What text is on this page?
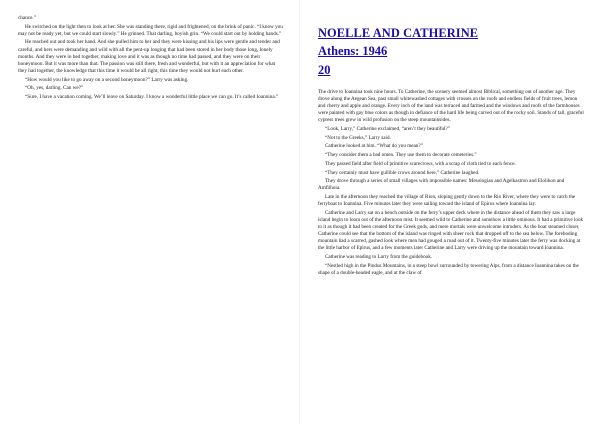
chance.”

He switched on the light then to look at her. She was standing there, rigid and frightened, on the brink of panic. “I know you may not be ready yet, but we could start slowly.” He grinned. That darling, boyish grin. “We could start out by holding hands.”

He reached out and took her hand. And she pulled him to her and they were kissing and his lips were gentle and tender and careful, and hers were demanding and wild with all the pent-up longing that had been stored in her body those long, lonely months. And they were in bed together, making love and it was as though no time had passed, and they were on their honeymoon. But it was more than that. The passion was still there, fresh and wonderful, but with it an appreciation for what they had together, the knowledge that this time it would be all right, this time they would not hurt each other.

“How would you like to go away on a second honeymoon?” Larry was asking.

“Oh, yes, darling. Can we?”

“Sure, I have a vacation coming. We’ll leave on Saturday. I know a wonderful little place we can go. It’s called Ioannina.”

NOELLE AND CATHERINE
Athens: 1946
20

The drive to Ioannina took nine hours. To Catherine, the scenery seemed almost Biblical, something out of another age. They drove along the Aegean Sea, past small whitewashed cottages with crosses on the roofs and endless fields of fruit trees, lemon and cherry and apple and orange. Every inch of the land was terraced and farmed and the windows and roofs of the farmhouses were painted with gay blue colors as though in defiance of the hard life being carved out of the rocky soil. Stands of tall, graceful cypress trees grew in wild profusion on the steep mountainsides.

“Look, Larry,” Catherine exclaimed, “aren’t they beautiful?”

“Not to the Greeks,” Larry said.

Catherine looked at him. “What do you mean?”

“They consider them a bad omen. They use them to decorate cemeteries.”

They passed field after field of primitive scarecrows, with a scrap of cloth tied to each fence.

“They certainly must have gullible crows around here,” Catherine laughed.

They drove through a series of small villages with impossible names: Mesologian and Agelkastron and Elolikon and Amfilhoia.

Late in the afternoon they reached the village of Rion, sloping gently down to the Rio River, where they were to catch the ferryboat to Ioannina. Five minutes later they were sailing toward the island of Epirus where Ioannina lay.

Catherine and Larry sat on a bench outside on the ferry’s upper deck where in the distance ahead of them they saw a large island begin to loom out of the afternoon mist. It seemed wild to Catherine and somehow a little ominous. It had a primitive look to it as though it had been created for the Greek gods, and mere mortals were unwelcome intruders. As the boat steamed closer, Catherine could see that the bottom of the island was ringed with sheer rock that dropped off to the sea below. The foreboding mountain had a scarred, gashed look where men had gouged a road out of it. Twenty-five minutes later the ferry was docking at the little harbor of Epirus, and a few moments later Catherine and Larry were driving up the mountain toward Ioannina.

Catherine was reading to Larry from the guidebook.

“Nestled high in the Pindus Mountains, in a steep bowl surrounded by towering Alps, from a distance Ioannina takes on the shape of a double-headed eagle, and at the claw of
